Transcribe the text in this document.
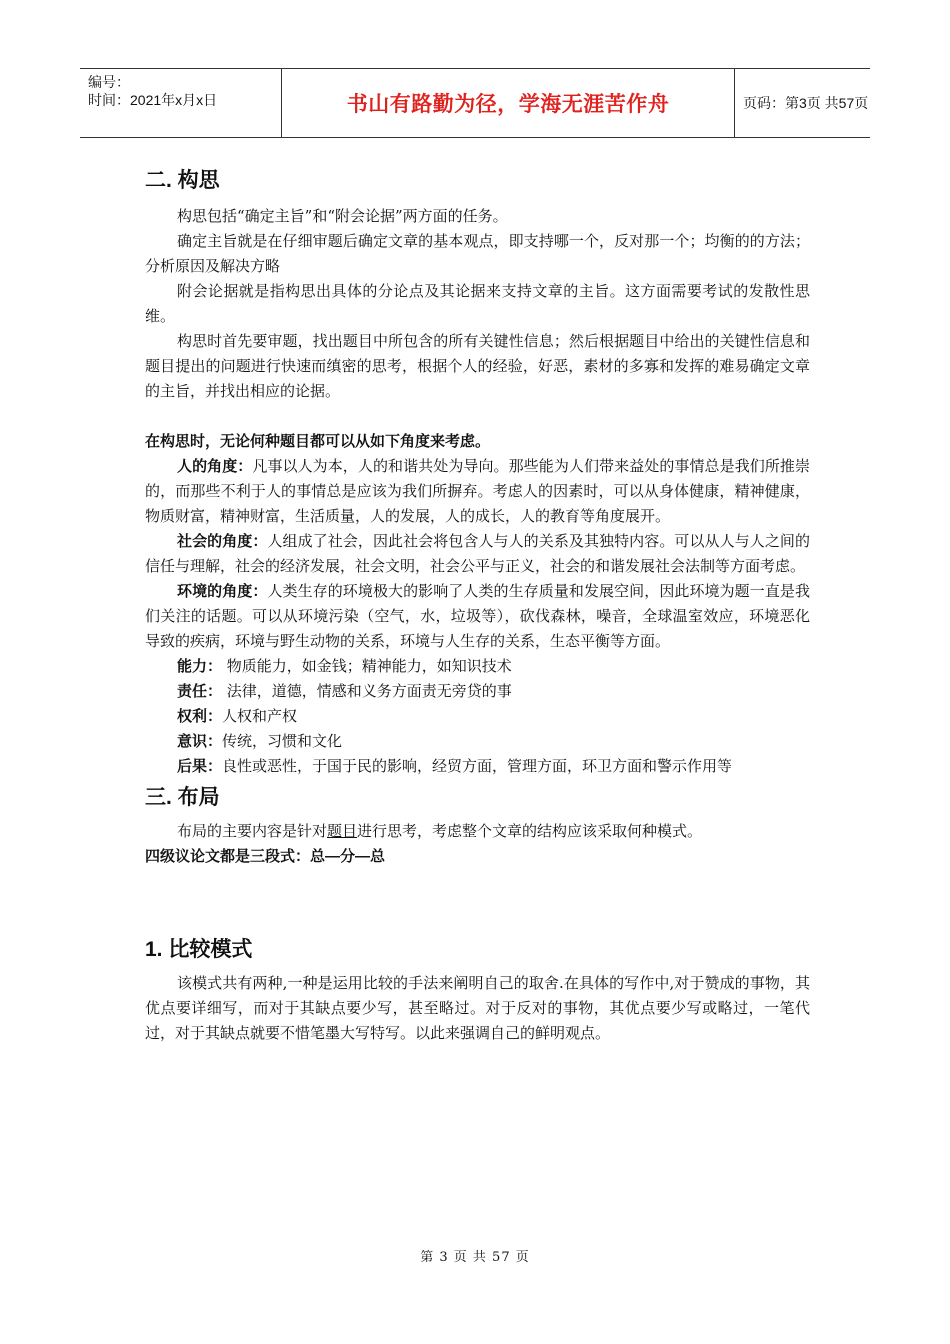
编号：
时间：2021年x月x日	书山有路勤为径，学海无涯苦作舟	页码：第3页 共57页
二. 构思

构思包括“确定主旨”和“附会论据”两方面的任务。

确定主旨就是在仔细审题后确定文章的基本观点，即支持哪一个，反对那一个；均衡的的方法；分析原因及解决方略

附会论据就是指构思出具体的分论点及其论据来支持文章的主旨。这方面需要考试的发散性思维。

构思时首先要审题，找出题目中所包含的所有关键性信息；然后根据题目中给出的关键性信息和题目提出的问题进行快速而缜密的思考，根据个人的经验，好恶，素材的多寡和发挥的难易确定文章的主旨，并找出相应的论据。

在构思时，无论何种题目都可以从如下角度来考虑。

人的角度：凡事以人为本，人的和谐共处为导向。那些能为人们带来益处的事情总是我们所推崇的，而那些不利于人的事情总是应该为我们所摒弃。考虑人的因素时，可以从身体健康，精神健康，物质财富，精神财富，生活质量，人的发展，人的成长，人的教育等角度展开。

社会的角度：人组成了社会，因此社会将包含人与人的关系及其独特内容。可以从人与人之间的信任与理解，社会的经济发展，社会文明，社会公平与正义，社会的和谐发展社会法制等方面考虑。

环境的角度：人类生存的环境极大的影响了人类的生存质量和发展空间，因此环境为题一直是我们关注的话题。可以从环境污染（空气，水，垃圾等），砍伐森林，噪音，全球温室效应，环境恶化导致的疾病，环境与野生动物的关系，环境与人生存的关系，生态平衡等方面。

能力： 物质能力，如金钱；精神能力，如知识技术

责任： 法律，道德，情感和义务方面责无旁贷的事

权利：人权和产权

意识：传统，习惯和文化

后果：良性或恶性，于国于民的影响，经贸方面，管理方面，环卫方面和警示作用等

三. 布局

布局的主要内容是针对题目进行思考，考虑整个文章的结构应该采取何种模式。

四级议论文都是三段式：总—分—总

1. 比较模式

该模式共有两种,一种是运用比较的手法来阐明自己的取舍.在具体的写作中,对于赞成的事物，其优点要详细写，而对于其缺点要少写，甚至略过。对于反对的事物，其优点要少写或略过，一笔代过，对于其缺点就要不惜笔墨大写特写。以此来强调自己的鲜明观点。

第 3 页 共 57 页
